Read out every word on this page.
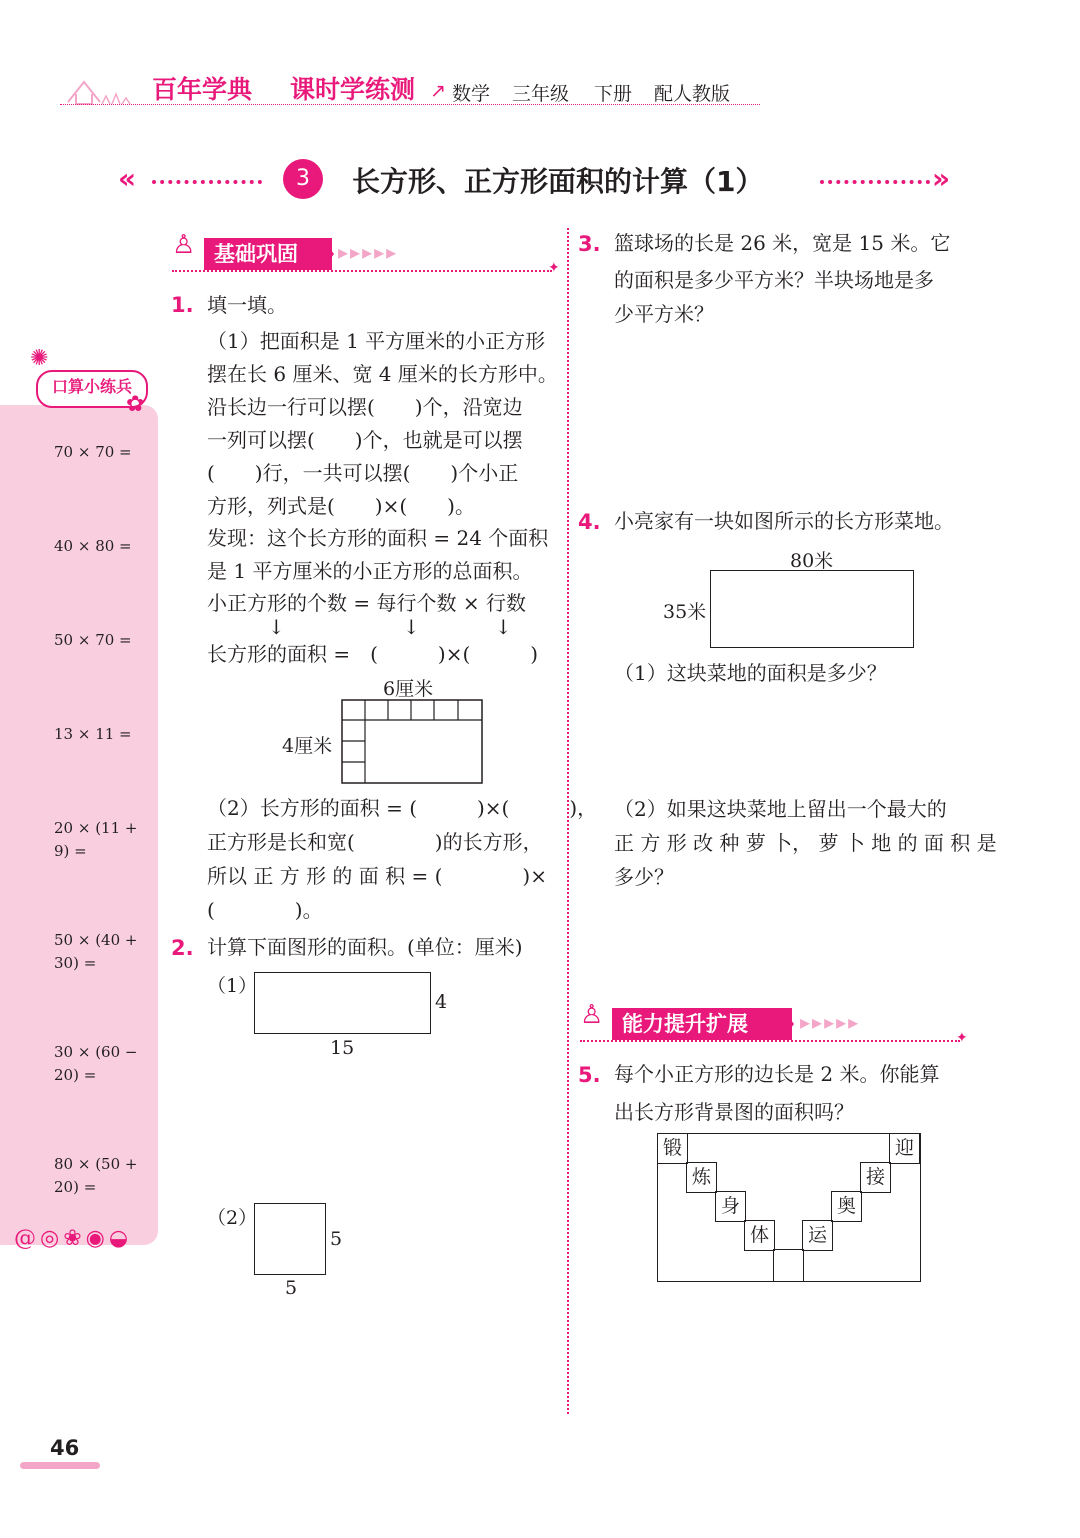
百年学典 课时学练测 ↗ 数学 三年级 下册 配人教版
«	3	长方形、正方形面积的计算（1）	»
口算小练兵
✺
✿
@◎❀◉◒
70 × 70 =
40 × 80 =
50 × 70 =
13 × 11 =
20 × (11 +
9) =
50 × (40 +
30) =
30 × (60 −
20) =
80 × (50 +
20) =
♙ 基础巩固	▸▸▸▸▸
✦
1. 填一填。
（1）把面积是 1 平方厘米的小正方形
摆在长 6 厘米、宽 4 厘米的长方形中。
沿长边一行可以摆(　　)个，沿宽边
一列可以摆(　　)个，也就是可以摆
(　　)行，一共可以摆(　　)个小正
方形，列式是(　　)×(　　)。
发现：这个长方形的面积 = 24 个面积
是 1 平方厘米的小正方形的总面积。
小正方形的个数 = 每行个数 × 行数
↓	↓	↓
长方形的面积 =　(　　　)×(　　　)
6厘米
4厘米
（2）长方形的面积 = (　　　)×(　　　)，
正方形是长和宽(　　　　)的长方形，
所以 正 方 形 的 面 积 = (　　　　)×
(　　　　)。
2. 计算下面图形的面积。(单位：厘米)
（1）
4
15
（2）
5
5
3. 篮球场的长是 26 米，宽是 15 米。它
的面积是多少平方米？半块场地是多
少平方米？
4. 小亮家有一块如图所示的长方形菜地。
80米
35米
（1）这块菜地的面积是多少？
（2）如果这块菜地上留出一个最大的
正 方 形 改 种 萝 卜， 萝 卜 地 的 面 积 是
多少？
♙ 能力提升扩展	▸▸▸▸▸
✦
5. 每个小正方形的边长是 2 米。你能算
出长方形背景图的面积吗？
锻
炼
身
体	运
奥
接
迎
46
